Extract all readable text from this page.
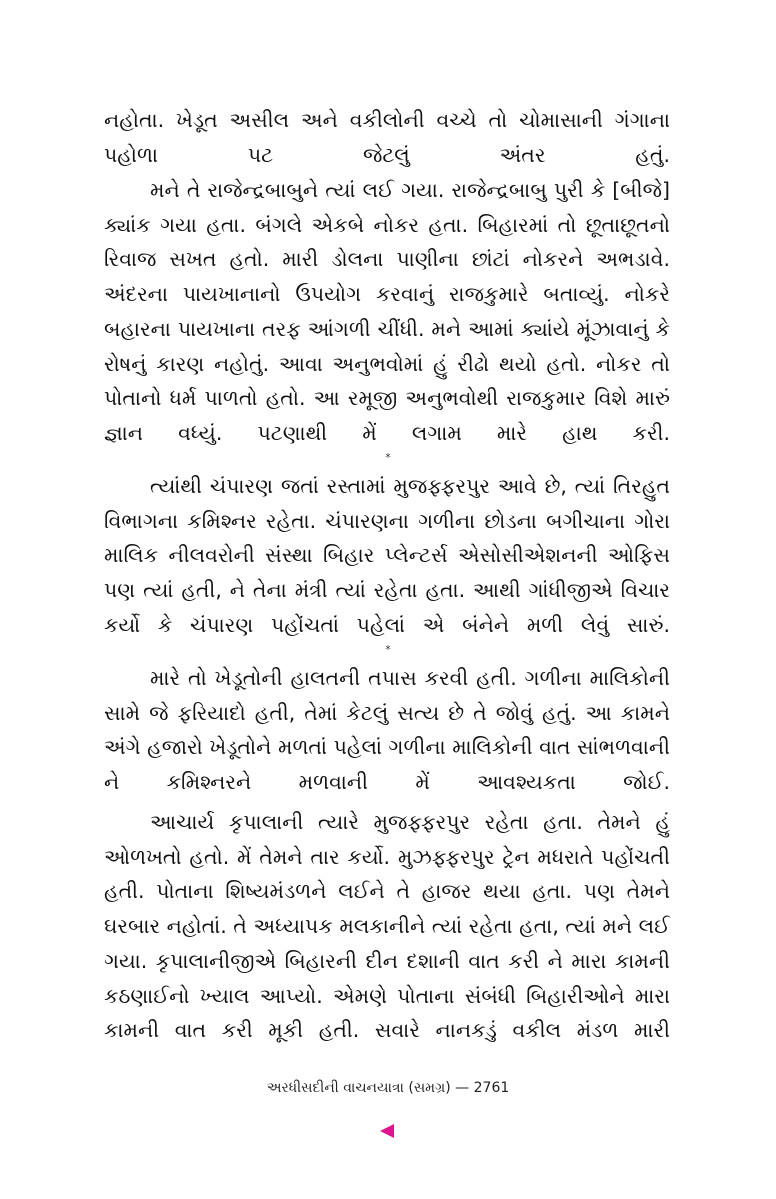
નહોતા. ખેડૂત અસીલ અને વકીલોની વચ્ચે તો ચોમાસાની ગંગાના પહોળા પટ જેટલું અંતર હતું.

મને તે રાજેન્દ્રબાબુને ત્યાં લઈ ગયા. રાજેન્દ્રબાબુ પુરી કે [બીજે] ક્યાંક ગયા હતા. બંગલે એકબે નોકર હતા. બિહારમાં તો છૂતાછૂતનો રિવાજ સખત હતો. મારી ડોલના પાણીના છાંટાં નોકરને અભડાવે. અંદરના પાયખાનાનો ઉપયોગ કરવાનું રાજકુમારે બતાવ્યું. નોકરે બહારના પાયખાના તરફ આંગળી ચીંધી. મને આમાં ક્યાંયે મૂંઝાવાનું કે રોષનું કારણ નહોતું. આવા અનુભવોમાં હું રીઢો થયો હતો. નોકર તો પોતાનો ધર્મ પાળતો હતો. આ રમૂજી અનુભવોથી રાજકુમાર વિશે મારું જ્ઞાન વધ્યું. પટણાથી મેં લગામ મારે હાથ કરી.

*

ત્યાંથી ચંપારણ જતાં રસ્તામાં મુજફ્ફરપુર આવે છે, ત્યાં તિરહુત વિભાગના કમિશ્નર રહેતા. ચંપારણના ગળીના છોડના બગીચાના ગોરા માલિક નીલવરોની સંસ્થા બિહાર પ્લેન્ટર્સ એસોસીએશનની ઓફિસ પણ ત્યાં હતી, ને તેના મંત્રી ત્યાં રહેતા હતા. આથી ગાંધીજીએ વિચાર કર્યો કે ચંપારણ પહોંચતાં પહેલાં એ બંનેને મળી લેવું સારું.

*

મારે તો ખેડૂતોની હાલતની તપાસ કરવી હતી. ગળીના માલિકોની સામે જે ફરિયાદો હતી, તેમાં કેટલું સત્ય છે તે જોવું હતું. આ કામને અંગે હજારો ખેડૂતોને મળતાં પહેલાં ગળીના માલિકોની વાત સાંભળવાની ને કમિશ્નરને મળવાની મેં આવશ્યકતા જોઈ.

આચાર્ય કૃપાલાની ત્યારે મુજફ્ફરપુર રહેતા હતા. તેમને હું ઓળખતો હતો. મેં તેમને તાર કર્યો. મુઝફ્ફરપુર ટ્રેન મધરાતે પહોંચતી હતી. પોતાના શિષ્યમંડળને લઈને તે હાજર થયા હતા. પણ તેમને ઘરબાર નહોતાં. તે અધ્યાપક મલકાનીને ત્યાં રહેતા હતા, ત્યાં મને લઈ ગયા. કૃપાલાનીજીએ બિહારની દીન દશાની વાત કરી ને મારા કામની કઠણાઈનો ખ્યાલ આપ્યો. એમણે પોતાના સંબંધી બિહારીઓને મારા કામની વાત કરી મૂકી હતી. સવારે નાનકડું વકીલ મંડળ મારી

અરધીસદીની વાચનયાત્રા (સમગ્ર) — 2761
